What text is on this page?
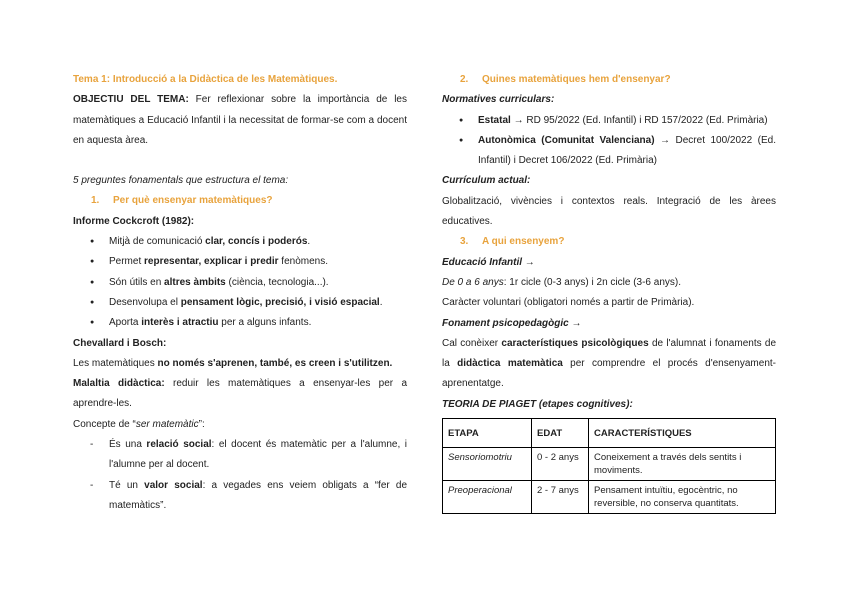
Tema 1: Introducció a la Didàctica de les Matemàtiques.
OBJECTIU DEL TEMA: Fer reflexionar sobre la importància de les matemàtiques a Educació Infantil i la necessitat de formar-se com a docent en aquesta àrea.
5 preguntes fonamentals que estructura el tema:
1. Per què ensenyar matemàtiques?
Informe Cockcroft (1982):
● Mitjà de comunicació clar, concís i poderós.
● Permet representar, explicar i predir fenòmens.
● Són útils en altres àmbits (ciència, tecnologia...).
● Desenvolupa el pensament lògic, precisió, i visió espacial.
● Aporta interès i atractiu per a alguns infants.
Chevallard i Bosch:
Les matemàtiques no només s'aprenen, també, es creen i s'utilitzen.
Malaltia didàctica: reduir les matemàtiques a ensenyar-les per a aprendre-les.
Concepte de “ser matemàtic”:
- És una relació social: el docent és matemàtic per a l'alumne, i l'alumne per al docent.
- Té un valor social: a vegades ens veiem obligats a “fer de matemàtics”.
2. Quines matemàtiques hem d'ensenyar?
Normatives curriculars:
● Estatal → RD 95/2022 (Ed. Infantil) i RD 157/2022 (Ed. Primària)
● Autonòmica (Comunitat Valenciana) → Decret 100/2022 (Ed. Infantil) i Decret 106/2022 (Ed. Primària)
Currículum actual:
Globalització, vivències i contextos reals. Integració de les àrees educatives.
3. A qui ensenyem?
Educació Infantil →
De 0 a 6 anys: 1r cicle (0-3 anys) i 2n cicle (3-6 anys).
Caràcter voluntari (obligatori només a partir de Primària).
Fonament psicopedagògic →
Cal conèixer característiques psicològiques de l'alumnat i fonaments de la didàctica matemàtica per comprendre el procés d'ensenyament-aprenentatge.
TEORIA DE PIAGET (etapes cognitives):
ETAPA	EDAT	CARACTERÍSTIQUES
Sensoriomotriu	0 - 2 anys	Coneixement a través dels sentits i moviments.
Preoperacional	2 - 7 anys	Pensament intuïtiu, egocèntric, no reversible, no conserva quantitats.
